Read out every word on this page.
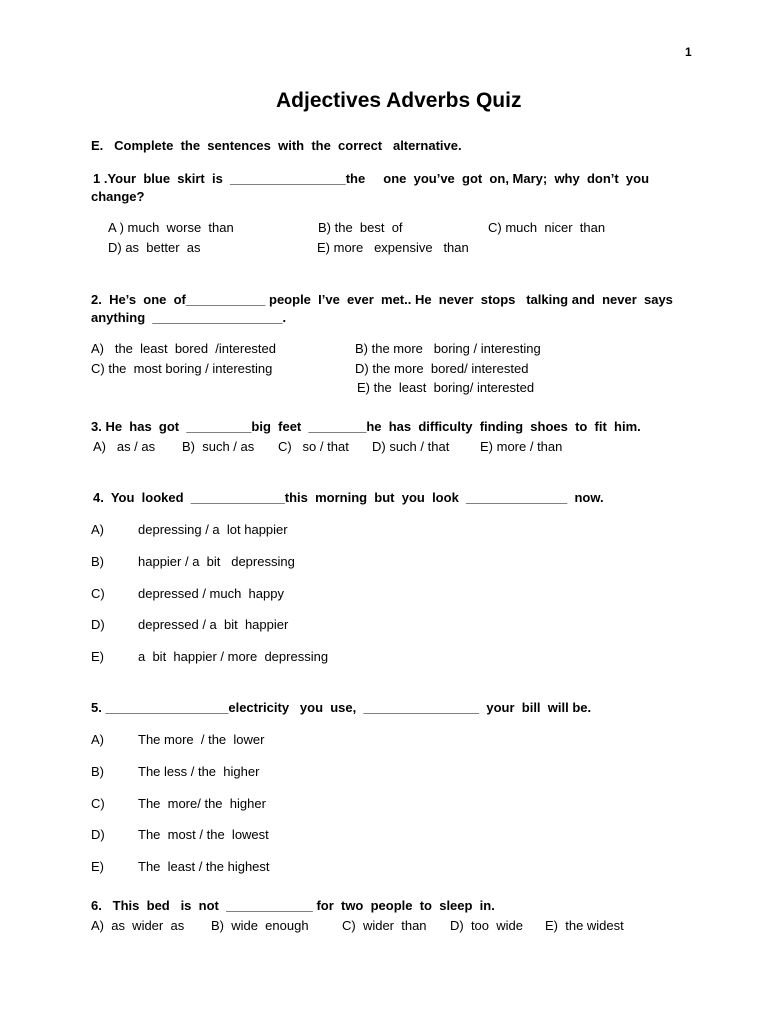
1
Adjectives Adverbs Quiz
E.   Complete  the  sentences  with  the  correct   alternative.
1 .Your  blue  skirt  is  ________________the     one  you’ve  got  on, Mary;  why  don’t  you
change?
A ) much  worse  than	B) the  best  of	C) much  nicer  than
D) as  better  as	E) more   expensive   than
2.  He’s  one  of___________ people  I’ve  ever  met.. He  never  stops   talking and  never  says
anything  __________________.
A)   the  least  bored  /interested	B) the more   boring / interesting
C) the  most boring / interesting	D) the more  bored/ interested
E) the  least  boring/ interested
3. He  has  got  _________big  feet  ________he  has  difficulty  finding  shoes  to  fit  him.
A)   as / as B)  such / as C)   so / that D) such / that E) more / than
4.  You  looked  _____________this  morning  but  you  look  ______________  now.
A)	depressing / a  lot happier
B)	happier / a  bit   depressing
C)	depressed / much  happy
D)	depressed / a  bit  happier
E)	a  bit  happier / more  depressing
5. _________________electricity   you  use,  ________________  your  bill  will be.
A)	The more  / the  lower
B)	The less / the  higher
C)	The  more/ the  higher
D)	The  most / the  lowest
E)	The  least / the highest
6.   This  bed   is  not  ____________ for  two  people  to  sleep  in.
A)  as  wider  as B)  wide  enough	C)  wider  than D)  too  wide E)  the widest
